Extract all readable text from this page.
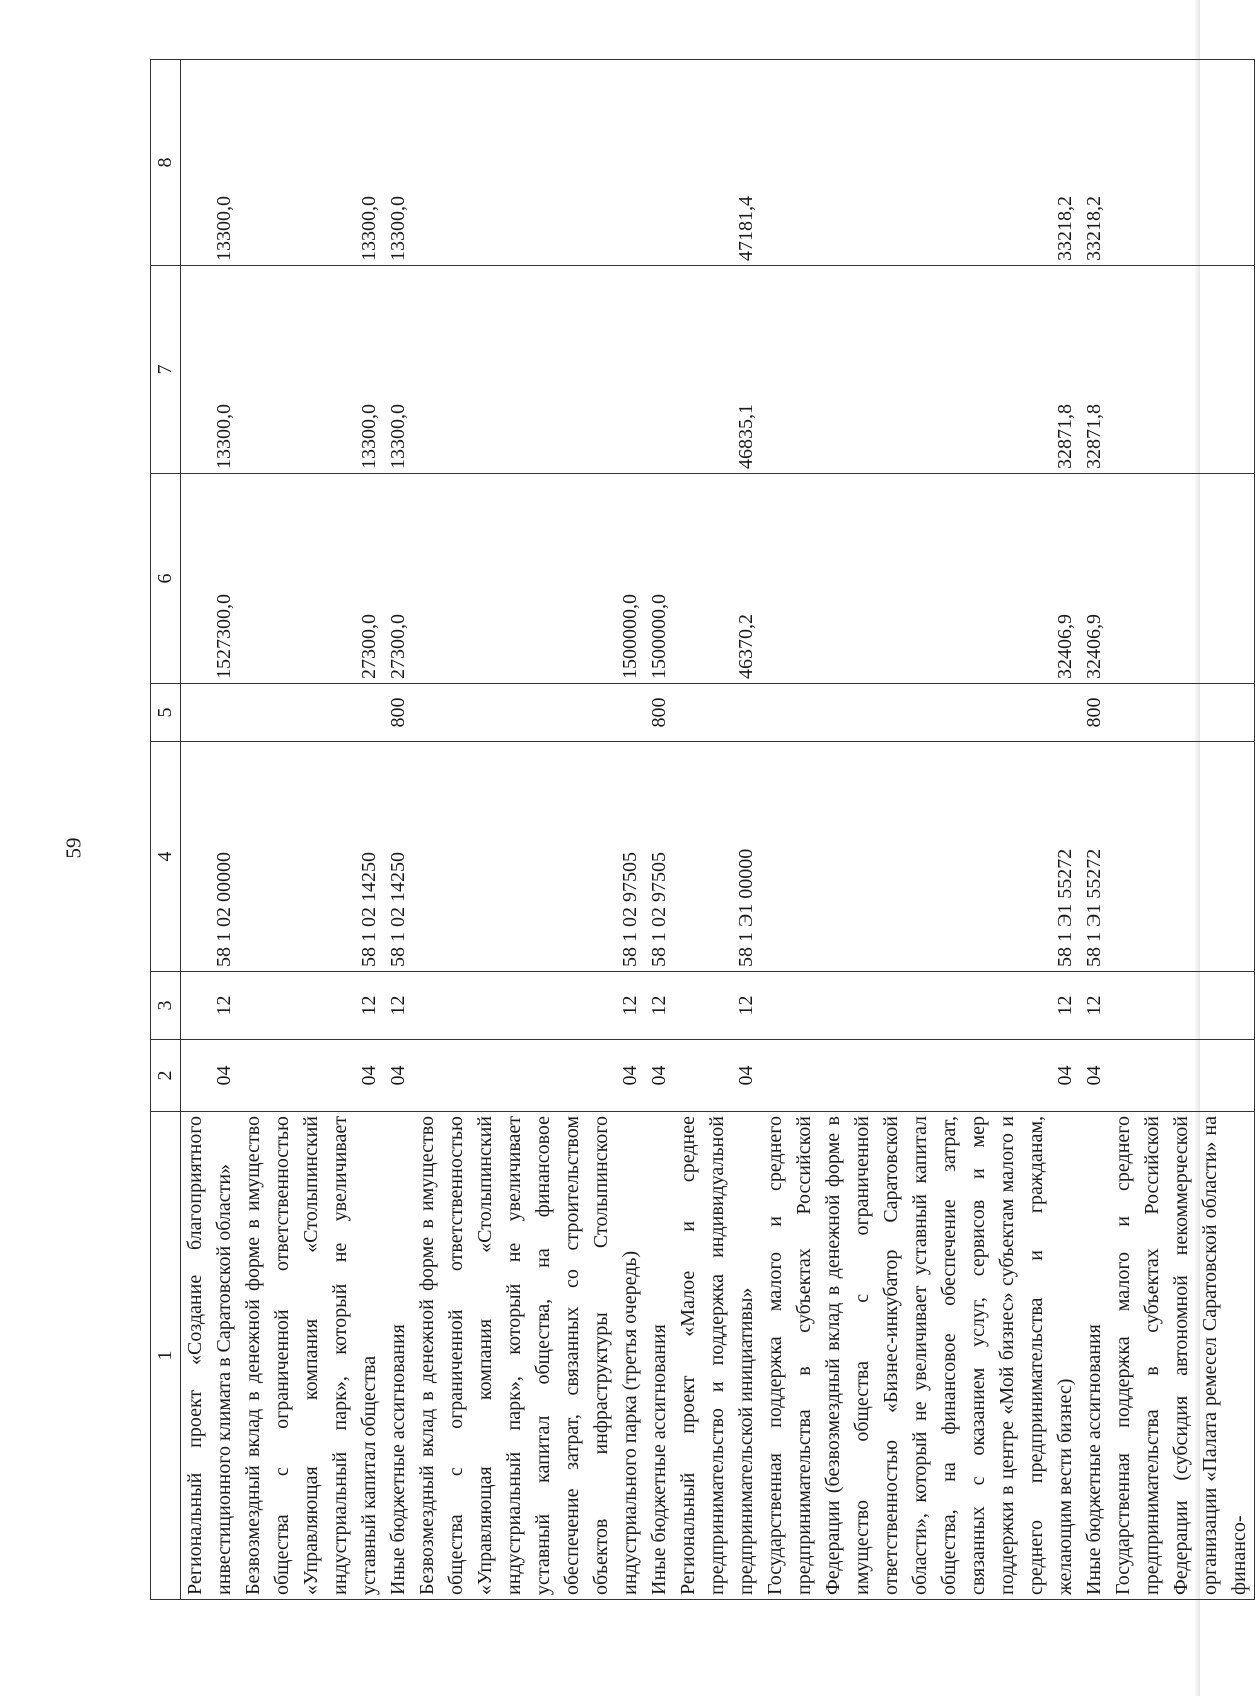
59
1	2	3	4	5	6	7	8
Региональный проект «Создание благоприятного инвестиционного климата в Саратовской области»	04	12	58 1 02 00000		1527300,0	13300,0	13300,0
Безвозмездный вклад в денежной форме в имущество общества с ограниченной ответственностью «Управляющая компания «Столыпинский индустриальный парк», который не увеличивает уставный капитал общества	04	12	58 1 02 14250		27300,0	13300,0	13300,0
Иные бюджетные ассигнования	04	12	58 1 02 14250	800	27300,0	13300,0	13300,0
Безвозмездный вклад в денежной форме в имущество общества с ограниченной ответственностью «Управляющая компания «Столыпинский индустриальный парк», который не увеличивает уставный капитал общества, на финансовое обеспечение затрат, связанных со строительством объектов инфраструктуры Столыпинского индустриального парка (третья очередь)	04	12	58 1 02 97505		1500000,0		
Иные бюджетные ассигнования	04	12	58 1 02 97505	800	1500000,0		
Региональный проект «Малое и среднее предпринимательство и поддержка индивидуальной предпринимательской инициативы»	04	12	58 1 Э1 00000		46370,2	46835,1	47181,4
Государственная поддержка малого и среднего предпринимательства в субъектах Российской Федерации (безвозмездный вклад в денежной форме в имущество общества с ограниченной ответственностью «Бизнес-инкубатор Саратовской области», который не увеличивает уставный капитал общества, на финансовое обеспечение затрат, связанных с оказанием услуг, сервисов и мер поддержки в центре «Мой бизнес» субъектам малого и среднего предпринимательства и гражданам, желающим вести бизнес)	04	12	58 1 Э1 55272		32406,9	32871,8	33218,2
Иные бюджетные ассигнования	04	12	58 1 Э1 55272	800	32406,9	32871,8	33218,2
Государственная поддержка малого и среднего предпринимательства в субъектах Российской Федерации (субсидия автономной некоммерческой организации «Палата ремесел Саратовской области» на финансо-							
